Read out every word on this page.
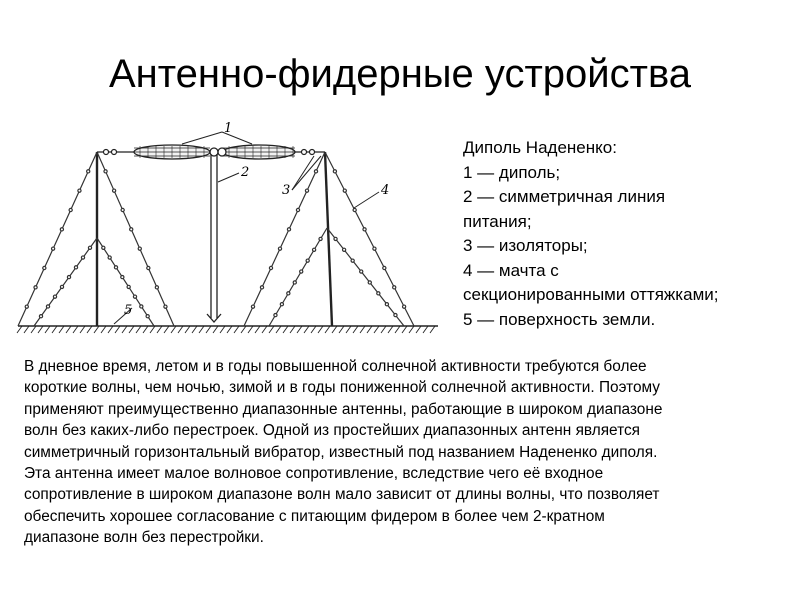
Антенно-фидерные устройства
1
2
3	4
5
Диполь Надененко:
1 — диполь;
2 — симметричная линия
питания;
3 — изоляторы;
4 — мачта с
секционированными оттяжками;
5 — поверхность земли.
В дневное время, летом и в годы повышенной солнечной активности требуются более
короткие волны, чем ночью, зимой и в годы пониженной солнечной активности. Поэтому
применяют преимущественно диапазонные антенны, работающие в широком диапазоне
волн без каких-либо перестроек. Одной из простейших диапазонных антенн является
симметричный горизонтальный вибратор, известный под названием Надененко диполя.
Эта антенна имеет малое волновое сопротивление, вследствие чего её входное
сопротивление в широком диапазоне волн мало зависит от длины волны, что позволяет
обеспечить хорошее согласование с питающим фидером в более чем 2-кратном
диапазоне волн без перестройки.
